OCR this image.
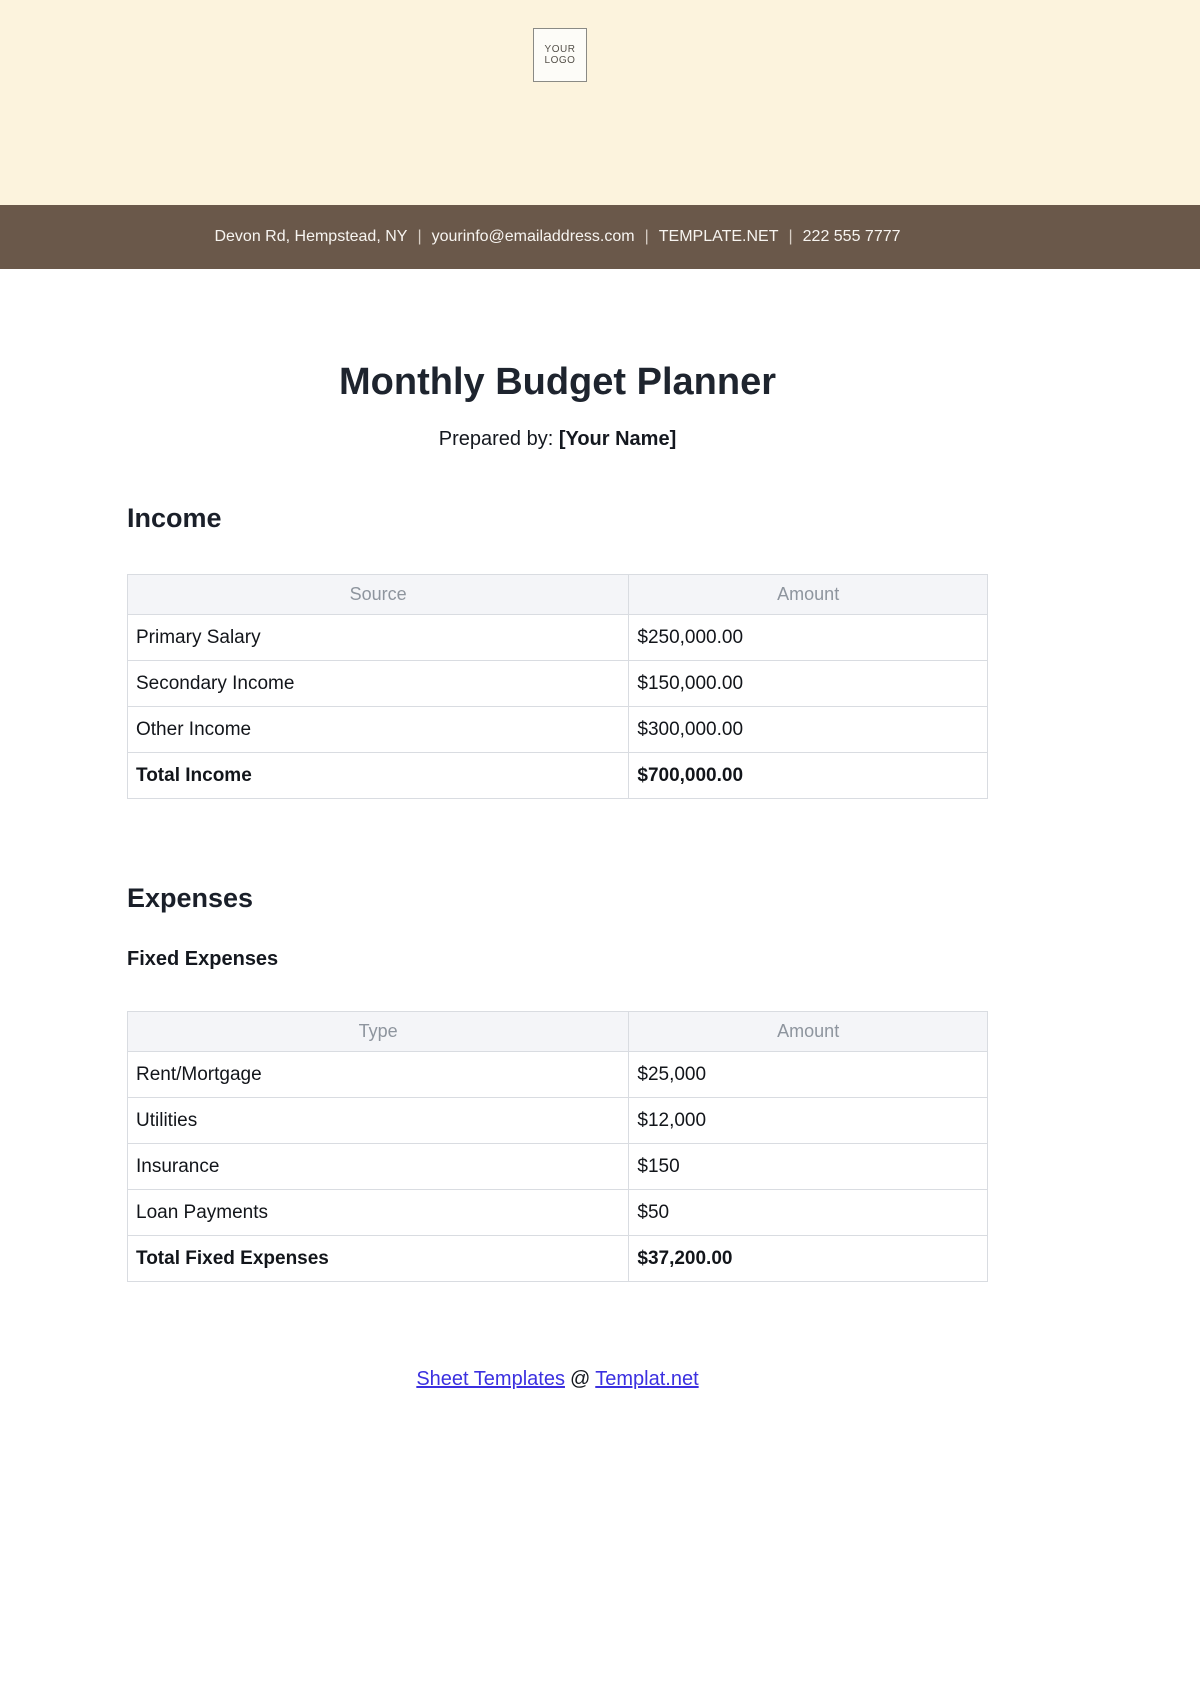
YOUR
LOGO
Devon Rd, Hempstead, NY | yourinfo@emailaddress.com | TEMPLATE.NET | 222 555 7777
Monthly Budget Planner
Prepared by: [Your Name]
Income
Source	Amount
Primary Salary	$250,000.00
Secondary Income	$150,000.00
Other Income	$300,000.00
Total Income	$700,000.00
Expenses
Fixed Expenses
Type	Amount
Rent/Mortgage	$25,000
Utilities	$12,000
Insurance	$150
Loan Payments	$50
Total Fixed Expenses	$37,200.00
Sheet Templates @ Templat.net
